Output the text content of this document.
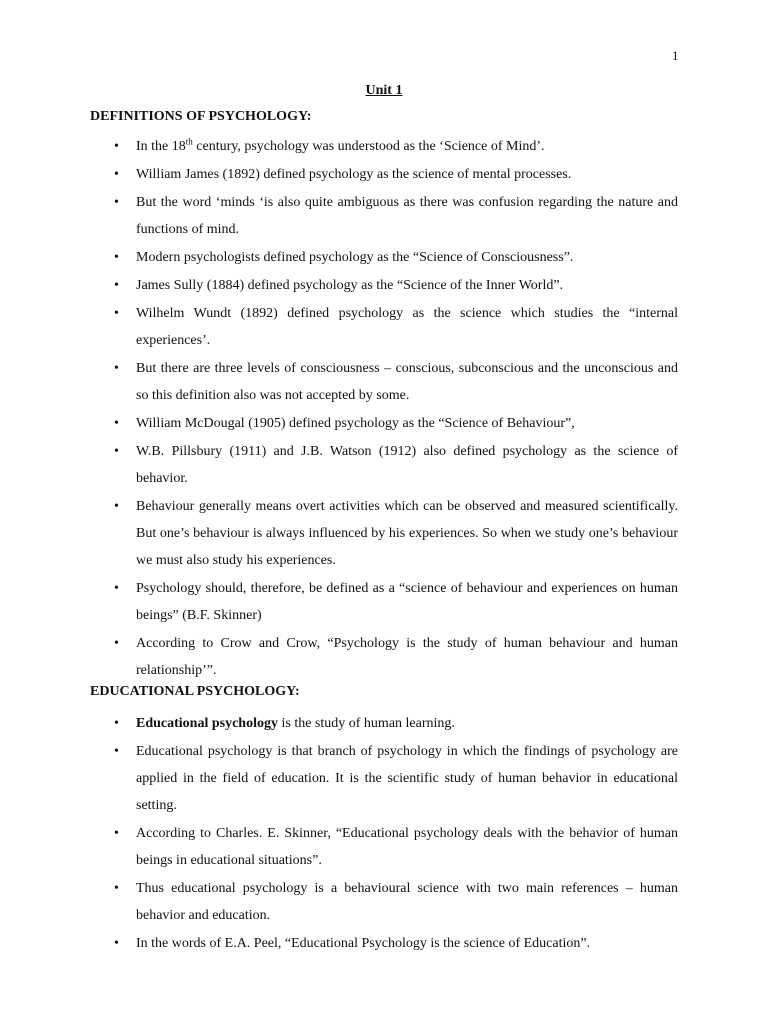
1
Unit 1
DEFINITIONS OF PSYCHOLOGY:
• In the 18th century, psychology was understood as the ‘Science of Mind’.
• William James (1892) defined psychology as the science of mental processes.
• But the word ‘minds ‘is also quite ambiguous as there was confusion regarding the nature and functions of mind.
• Modern psychologists defined psychology as the “Science of Consciousness”.
• James Sully (1884) defined psychology as the “Science of the Inner World”.
• Wilhelm Wundt (1892) defined psychology as the science which studies the “internal experiences’.
• But there are three levels of consciousness – conscious, subconscious and the unconscious and so this definition also was not accepted by some.
• William McDougal (1905) defined psychology as the “Science of Behaviour”,
• W.B. Pillsbury (1911) and J.B. Watson (1912) also defined psychology as the science of behavior.
• Behaviour generally means overt activities which can be observed and measured scientifically. But one’s behaviour is always influenced by his experiences. So when we study one’s behaviour we must also study his experiences.
• Psychology should, therefore, be defined as a “science of behaviour and experiences on human beings” (B.F. Skinner)
• According to Crow and Crow, “Psychology is the study of human behaviour and human relationship’”.
EDUCATIONAL PSYCHOLOGY:
• Educational psychology is the study of human learning.
• Educational psychology is that branch of psychology in which the findings of psychology are applied in the field of education. It is the scientific study of human behavior in educational setting.
• According to Charles. E. Skinner, “Educational psychology deals with the behavior of human beings in educational situations”.
• Thus educational psychology is a behavioural science with two main references – human behavior and education.
• In the words of E.A. Peel, “Educational Psychology is the science of Education”.
